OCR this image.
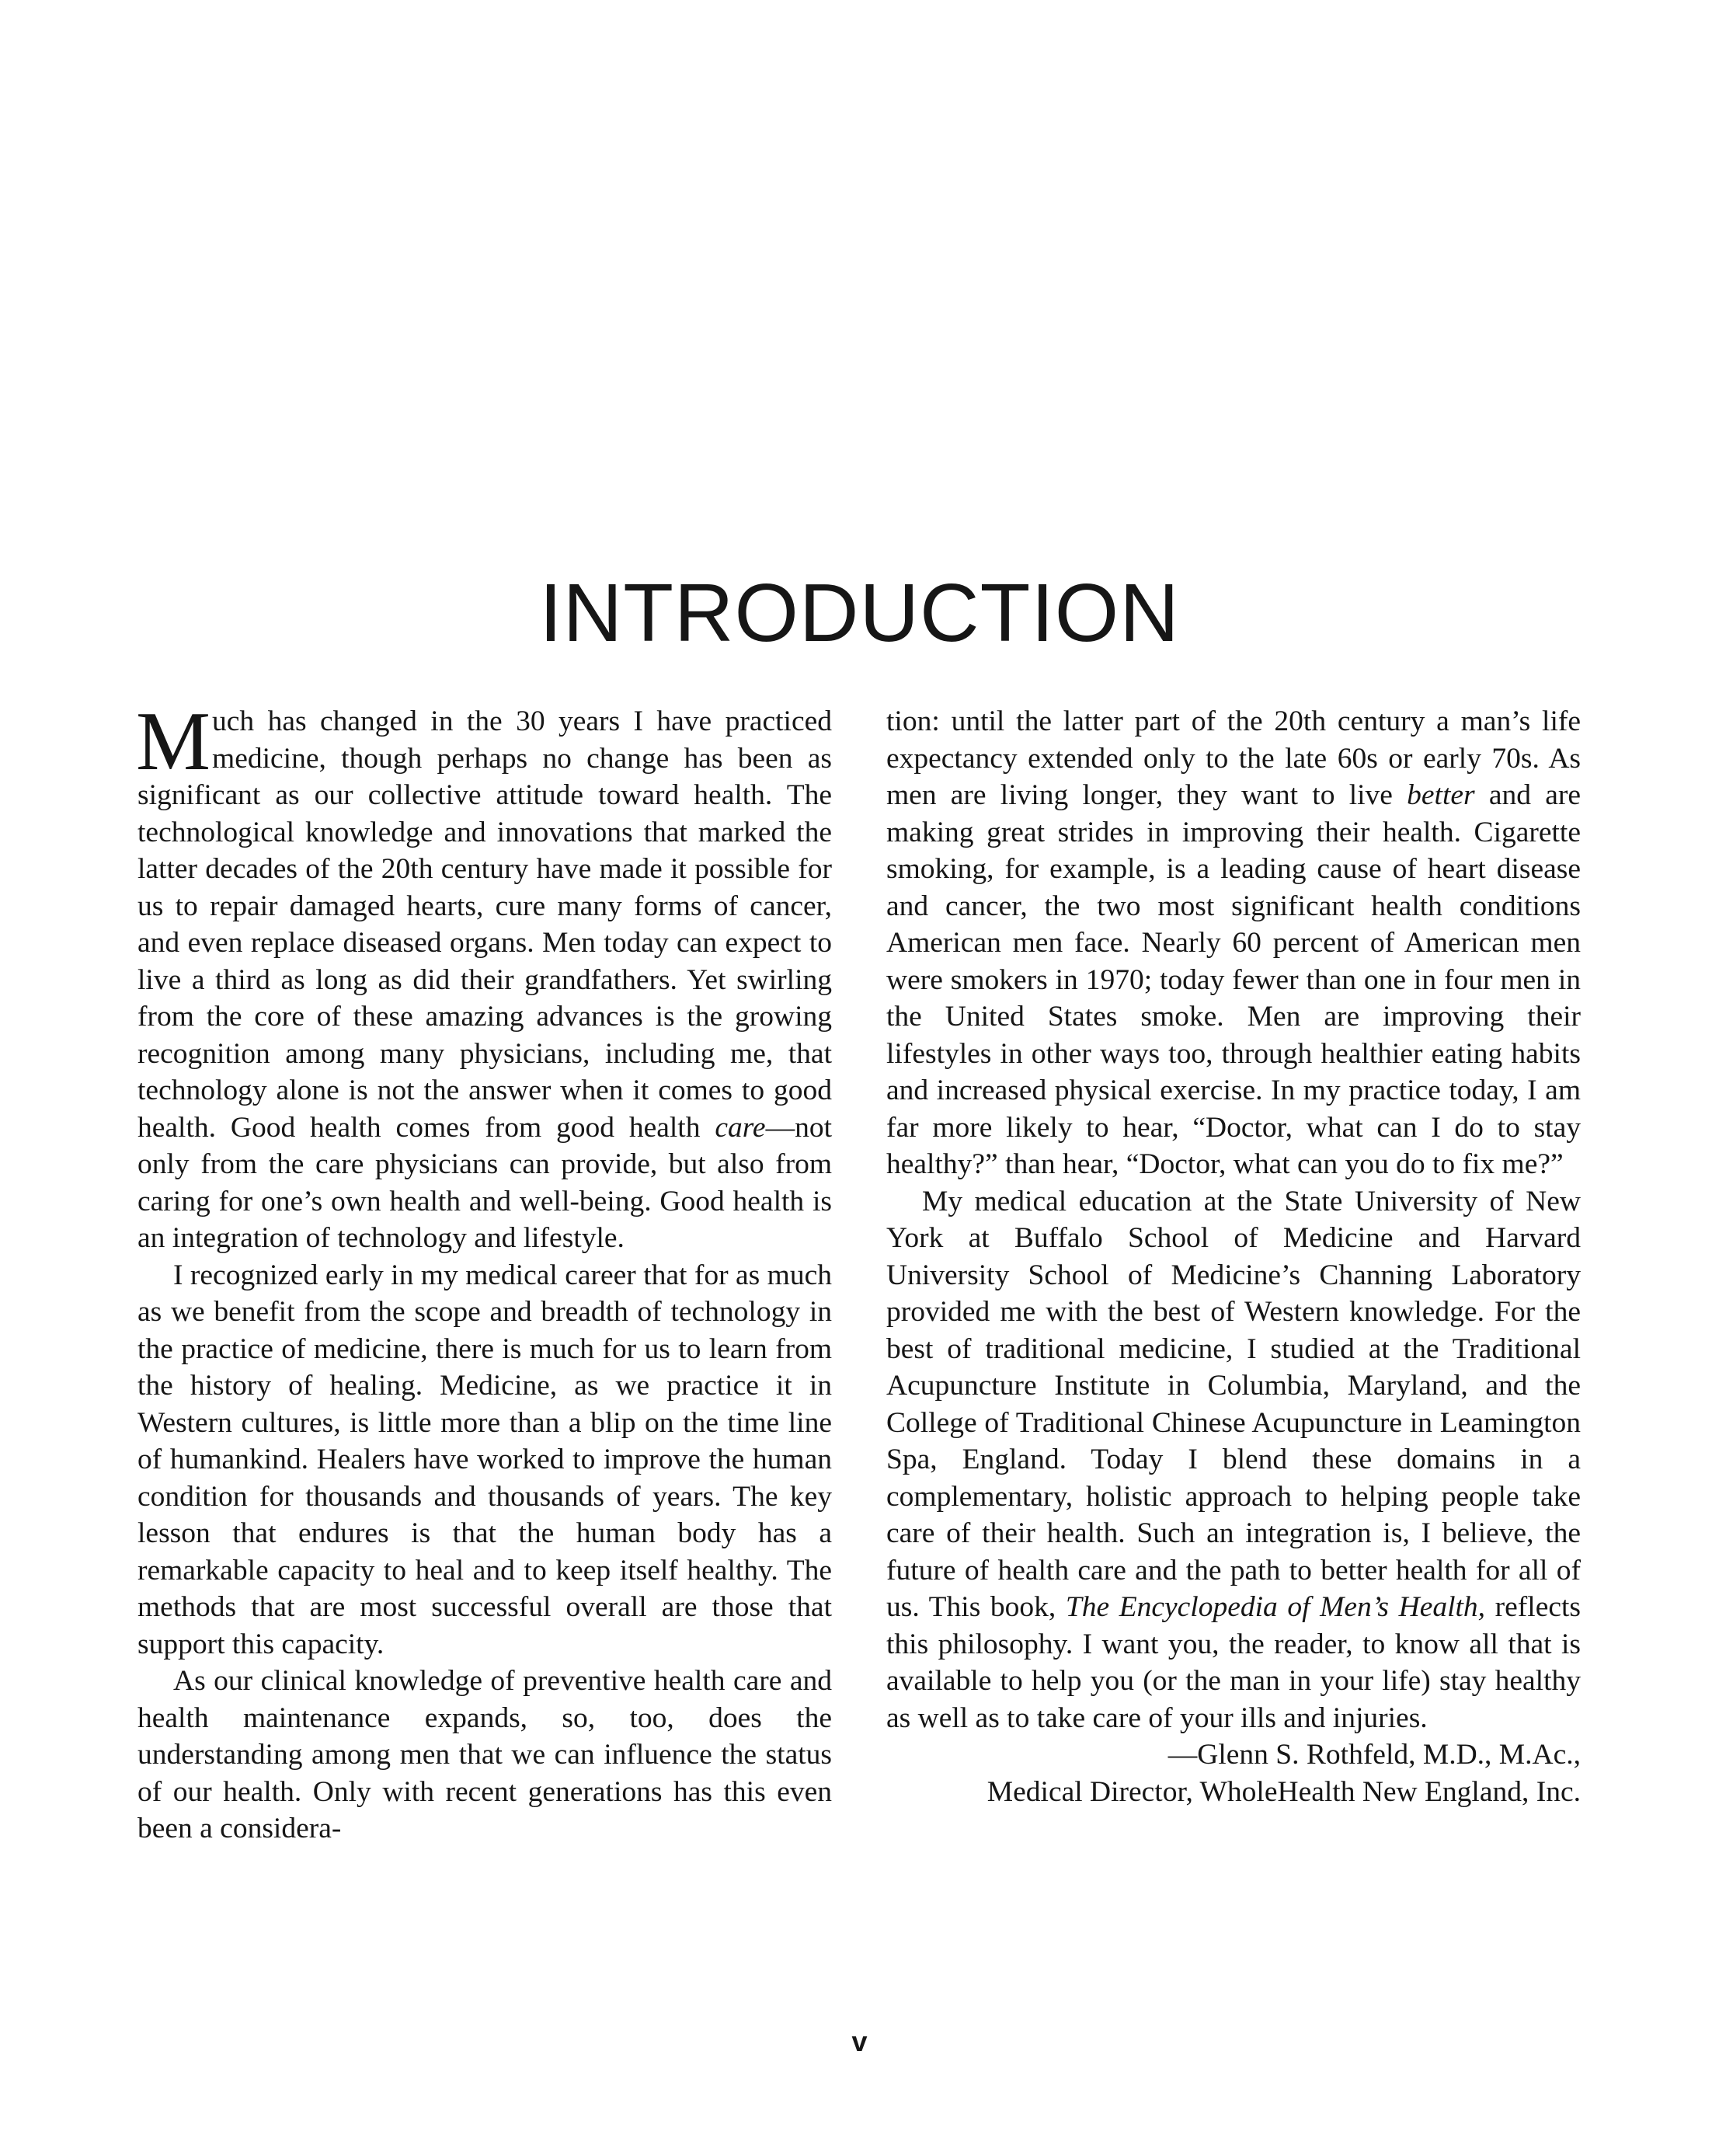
INTRODUCTION

Much has changed in the 30 years I have practiced medicine, though perhaps no change has been as significant as our collective attitude toward health. The technological knowledge and innovations that marked the latter decades of the 20th century have made it possible for us to repair damaged hearts, cure many forms of cancer, and even replace diseased organs. Men today can expect to live a third as long as did their grandfathers. Yet swirling from the core of these amazing advances is the growing recognition among many physicians, including me, that technology alone is not the answer when it comes to good health. Good health comes from good health care—not only from the care physicians can provide, but also from caring for one’s own health and well-being. Good health is an integration of technology and lifestyle.

I recognized early in my medical career that for as much as we benefit from the scope and breadth of technology in the practice of medicine, there is much for us to learn from the history of healing. Medicine, as we practice it in Western cultures, is little more than a blip on the time line of humankind. Healers have worked to improve the human condition for thousands and thousands of years. The key lesson that endures is that the human body has a remarkable capacity to heal and to keep itself healthy. The methods that are most successful overall are those that support this capacity.

As our clinical knowledge of preventive health care and health maintenance expands, so, too, does the understanding among men that we can influence the status of our health. Only with recent generations has this even been a considera-

tion: until the latter part of the 20th century a man’s life expectancy extended only to the late 60s or early 70s. As men are living longer, they want to live better and are making great strides in improving their health. Cigarette smoking, for example, is a leading cause of heart disease and cancer, the two most significant health conditions American men face. Nearly 60 percent of American men were smokers in 1970; today fewer than one in four men in the United States smoke. Men are improving their lifestyles in other ways too, through healthier eating habits and increased physical exercise. In my practice today, I am far more likely to hear, “Doctor, what can I do to stay healthy?” than hear, “Doctor, what can you do to fix me?”

My medical education at the State University of New York at Buffalo School of Medicine and Harvard University School of Medicine’s Channing Laboratory provided me with the best of Western knowledge. For the best of traditional medicine, I studied at the Traditional Acupuncture Institute in Columbia, Maryland, and the College of Traditional Chinese Acupuncture in Leamington Spa, England. Today I blend these domains in a complementary, holistic approach to helping people take care of their health. Such an integration is, I believe, the future of health care and the path to better health for all of us. This book, The Encyclopedia of Men’s Health, reflects this philosophy. I want you, the reader, to know all that is available to help you (or the man in your life) stay healthy as well as to take care of your ills and injuries.

—Glenn S. Rothfeld, M.D., M.Ac.,
Medical Director, WholeHealth New England, Inc.

v
